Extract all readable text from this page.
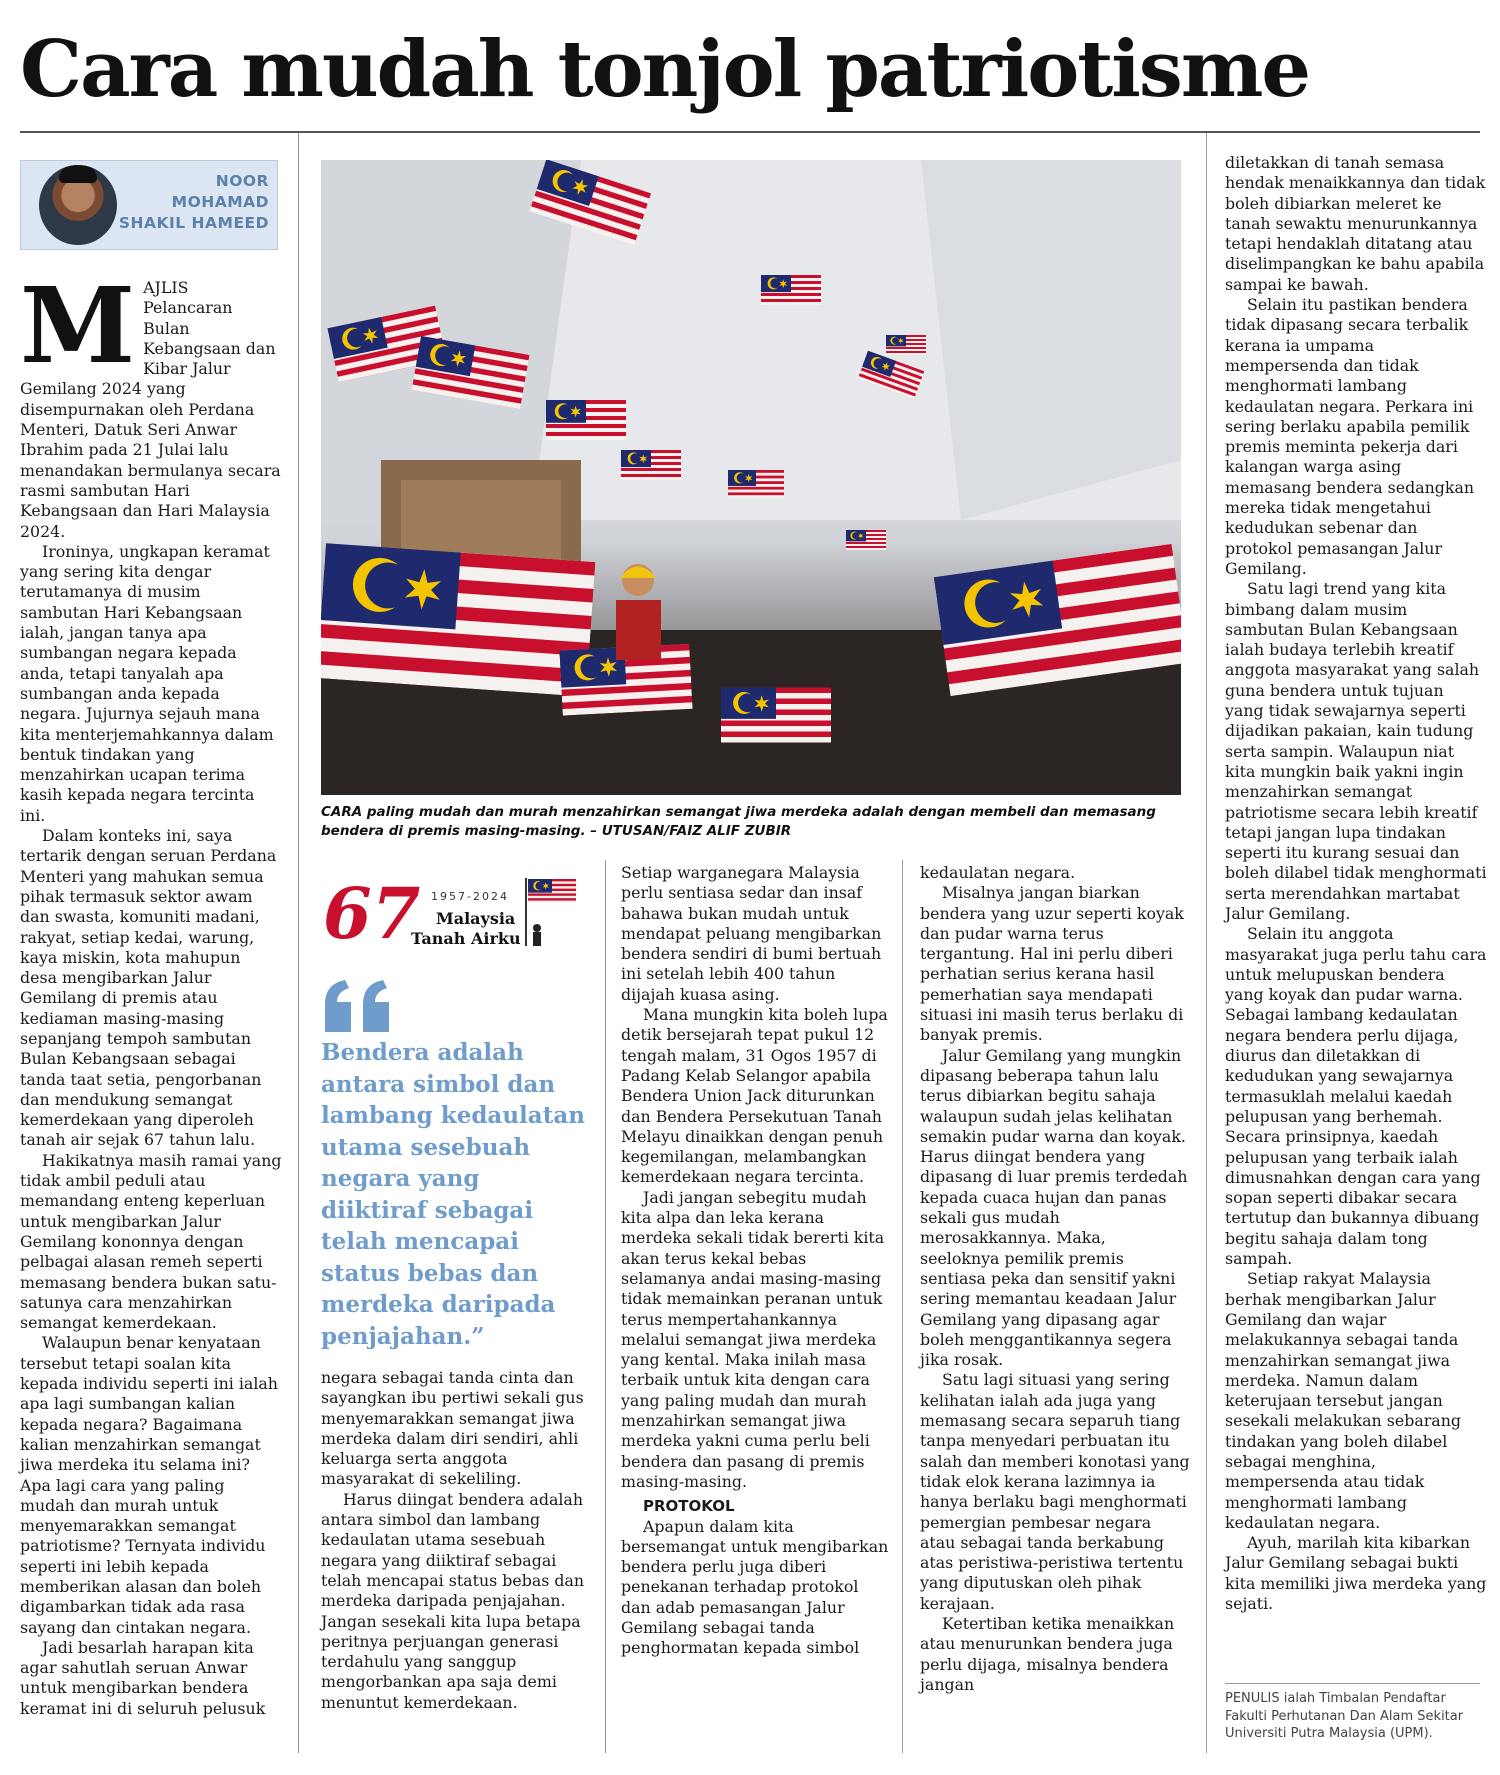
Cara mudah tonjol patriotisme
NOOR
MOHAMAD
SHAKIL HAMEED
CARA paling mudah dan murah menzahirkan semangat jiwa merdeka adalah dengan membeli dan memasang bendera di premis masing-masing. – UTUSAN/FAIZ ALIF ZUBIR
67 1957-2024
Malaysia
Tanah Airku
Bendera adalah antara simbol dan lambang kedaulatan utama sesebuah negara yang diiktiraf sebagai telah mencapai status bebas dan merdeka daripada penjajahan.”
M AJLIS Pelancaran Bulan Kebangsaan dan Kibar Jalur Gemilang 2024 yang disempurnakan oleh Perdana Menteri, Datuk Seri Anwar Ibrahim pada 21 Julai lalu menandakan bermulanya secara rasmi sambutan Hari Kebangsaan dan Hari Malaysia 2024.

Ironinya, ungkapan keramat yang sering kita dengar terutamanya di musim sambutan Hari Kebangsaan ialah, jangan tanya apa sumbangan negara kepada anda, tetapi tanyalah apa sumbangan anda kepada negara. Jujurnya sejauh mana kita menterjemahkannya dalam bentuk tindakan yang menzahirkan ucapan terima kasih kepada negara tercinta ini.

Dalam konteks ini, saya tertarik dengan seruan Perdana Menteri yang mahukan semua pihak termasuk sektor awam dan swasta, komuniti madani, rakyat, setiap kedai, warung, kaya miskin, kota mahupun desa mengibarkan Jalur Gemilang di premis atau kediaman masing-masing sepanjang tempoh sambutan Bulan Kebangsaan sebagai tanda taat setia, pengorbanan dan mendukung semangat kemerdekaan yang diperoleh tanah air sejak 67 tahun lalu.

Hakikatnya masih ramai yang tidak ambil peduli atau memandang enteng keperluan untuk mengibarkan Jalur Gemilang kononnya dengan pelbagai alasan remeh seperti memasang bendera bukan satu-satunya cara menzahirkan semangat kemerdekaan.

Walaupun benar kenyataan tersebut tetapi soalan kita kepada individu seperti ini ialah apa lagi sumbangan kalian kepada negara? Bagaimana kalian menzahirkan semangat jiwa merdeka itu selama ini? Apa lagi cara yang paling mudah dan murah untuk menyemarakkan semangat patriotisme? Ternyata individu seperti ini lebih kepada memberikan alasan dan boleh digambarkan tidak ada rasa sayang dan cintakan negara.

Jadi besarlah harapan kita agar sahutlah seruan Anwar untuk mengibarkan bendera keramat ini di seluruh pelusuk

negara sebagai tanda cinta dan sayangkan ibu pertiwi sekali gus menyemarakkan semangat jiwa merdeka dalam diri sendiri, ahli keluarga serta anggota masyarakat di sekeliling.

Harus diingat bendera adalah antara simbol dan lambang kedaulatan utama sesebuah negara yang diiktiraf sebagai telah mencapai status bebas dan merdeka daripada penjajahan. Jangan sesekali kita lupa betapa peritnya perjuangan generasi terdahulu yang sanggup mengorbankan apa saja demi menuntut kemerdekaan.

Setiap warganegara Malaysia perlu sentiasa sedar dan insaf bahawa bukan mudah untuk mendapat peluang mengibarkan bendera sendiri di bumi bertuah ini setelah lebih 400 tahun dijajah kuasa asing.

Mana mungkin kita boleh lupa detik bersejarah tepat pukul 12 tengah malam, 31 Ogos 1957 di Padang Kelab Selangor apabila Bendera Union Jack diturunkan dan Bendera Persekutuan Tanah Melayu dinaikkan dengan penuh kegemilangan, melambangkan kemerdekaan negara tercinta.

Jadi jangan sebegitu mudah kita alpa dan leka kerana merdeka sekali tidak bererti kita akan terus kekal bebas selamanya andai masing-masing tidak memainkan peranan untuk terus mempertahankannya melalui semangat jiwa merdeka yang kental. Maka inilah masa terbaik untuk kita dengan cara yang paling mudah dan murah menzahirkan semangat jiwa merdeka yakni cuma perlu beli bendera dan pasang di premis masing-masing.

PROTOKOL

Apapun dalam kita bersemangat untuk mengibarkan bendera perlu juga diberi penekanan terhadap protokol dan adab pemasangan Jalur Gemilang sebagai tanda penghormatan kepada simbol

kedaulatan negara.

Misalnya jangan biarkan bendera yang uzur seperti koyak dan pudar warna terus tergantung. Hal ini perlu diberi perhatian serius kerana hasil pemerhatian saya mendapati situasi ini masih terus berlaku di banyak premis.

Jalur Gemilang yang mungkin dipasang beberapa tahun lalu terus dibiarkan begitu sahaja walaupun sudah jelas kelihatan semakin pudar warna dan koyak. Harus diingat bendera yang dipasang di luar premis terdedah kepada cuaca hujan dan panas sekali gus mudah merosakkannya. Maka, seeloknya pemilik premis sentiasa peka dan sensitif yakni sering memantau keadaan Jalur Gemilang yang dipasang agar boleh menggantikannya segera jika rosak.

Satu lagi situasi yang sering kelihatan ialah ada juga yang memasang secara separuh tiang tanpa menyedari perbuatan itu salah dan memberi konotasi yang tidak elok kerana lazimnya ia hanya berlaku bagi menghormati pemergian pembesar negara atau sebagai tanda berkabung atas peristiwa-peristiwa tertentu yang diputuskan oleh pihak kerajaan.

Ketertiban ketika menaikkan atau menurunkan bendera juga perlu dijaga, misalnya bendera jangan

diletakkan di tanah semasa hendak menaikkannya dan tidak boleh dibiarkan meleret ke tanah sewaktu menurunkannya tetapi hendaklah ditatang atau diselimpangkan ke bahu apabila sampai ke bawah.

Selain itu pastikan bendera tidak dipasang secara terbalik kerana ia umpama mempersenda dan tidak menghormati lambang kedaulatan negara. Perkara ini sering berlaku apabila pemilik premis meminta pekerja dari kalangan warga asing memasang bendera sedangkan mereka tidak mengetahui kedudukan sebenar dan protokol pemasangan Jalur Gemilang.

Satu lagi trend yang kita bimbang dalam musim sambutan Bulan Kebangsaan ialah budaya terlebih kreatif anggota masyarakat yang salah guna bendera untuk tujuan yang tidak sewajarnya seperti dijadikan pakaian, kain tudung serta sampin. Walaupun niat kita mungkin baik yakni ingin menzahirkan semangat patriotisme secara lebih kreatif tetapi jangan lupa tindakan seperti itu kurang sesuai dan boleh dilabel tidak menghormati serta merendahkan martabat Jalur Gemilang.

Selain itu anggota masyarakat juga perlu tahu cara untuk melupuskan bendera yang koyak dan pudar warna. Sebagai lambang kedaulatan negara bendera perlu dijaga, diurus dan diletakkan di kedudukan yang sewajarnya termasuklah melalui kaedah pelupusan yang berhemah. Secara prinsipnya, kaedah pelupusan yang terbaik ialah dimusnahkan dengan cara yang sopan seperti dibakar secara tertutup dan bukannya dibuang begitu sahaja dalam tong sampah.

Setiap rakyat Malaysia berhak mengibarkan Jalur Gemilang dan wajar melakukannya sebagai tanda menzahirkan semangat jiwa merdeka. Namun dalam keterujaan tersebut jangan sesekali melakukan sebarang tindakan yang boleh dilabel sebagai menghina, mempersenda atau tidak menghormati lambang kedaulatan negara.

Ayuh, marilah kita kibarkan Jalur Gemilang sebagai bukti kita memiliki jiwa merdeka yang sejati.

PENULIS ialah Timbalan Pendaftar Fakulti Perhutanan Dan Alam Sekitar Universiti Putra Malaysia (UPM).
